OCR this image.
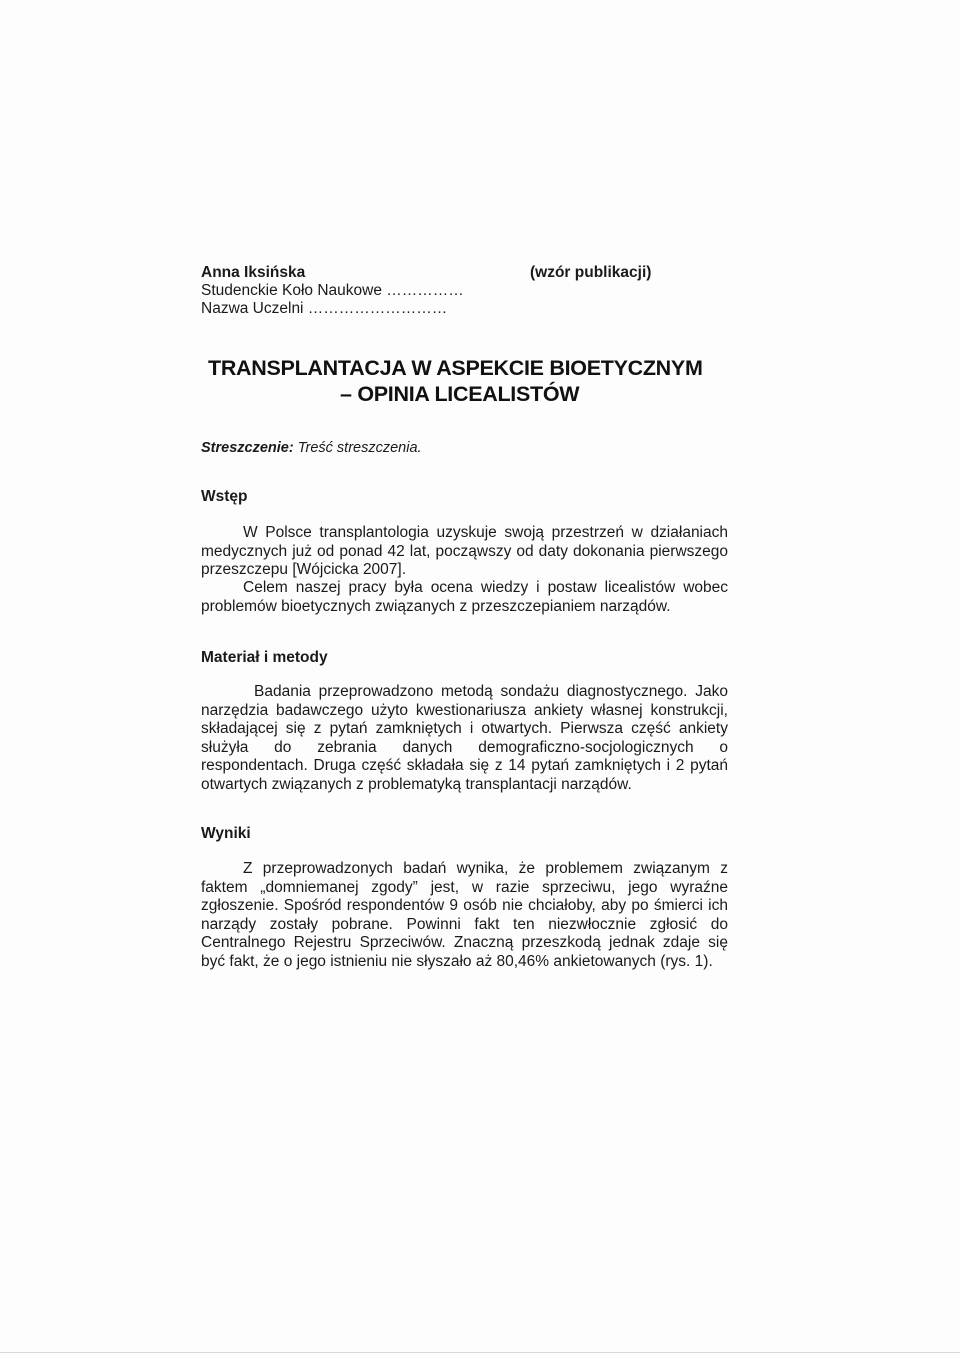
Anna Iksińska
Studenckie Koło Naukowe ……………
Nazwa Uczelni ………………………
(wzór publikacji)
TRANSPLANTACJA W ASPEKCIE BIOETYCZNYM
– OPINIA LICEALISTÓW
Streszczenie: Treść streszczenia.
Wstęp
W Polsce transplantologia uzyskuje swoją przestrzeń w działaniach medycznych już od ponad 42 lat, począwszy od daty dokonania pierwszego przeszczepu [Wójcicka 2007].
Celem naszej pracy była ocena wiedzy i postaw licealistów wobec problemów bioetycznych związanych z przeszczepianiem narządów.
Materiał i metody
Badania przeprowadzono metodą sondażu diagnostycznego. Jako narzędzia badawczego użyto kwestionariusza ankiety własnej konstrukcji, składającej się z pytań zamkniętych i otwartych. Pierwsza część ankiety służyła do zebrania danych demograficzno-socjologicznych o respondentach. Druga część składała się z 14 pytań zamkniętych i 2 pytań otwartych związanych z problematyką transplantacji narządów.
Wyniki
Z przeprowadzonych badań wynika, że problemem związanym z faktem „domniemanej zgody” jest, w razie sprzeciwu, jego wyraźne zgłoszenie. Spośród respondentów 9 osób nie chciałoby, aby po śmierci ich narządy zostały pobrane. Powinni fakt ten niezwłocznie zgłosić do Centralnego Rejestru Sprzeciwów. Znaczną przeszkodą jednak zdaje się być fakt, że o jego istnieniu nie słyszało aż 80,46% ankietowanych (rys. 1).
